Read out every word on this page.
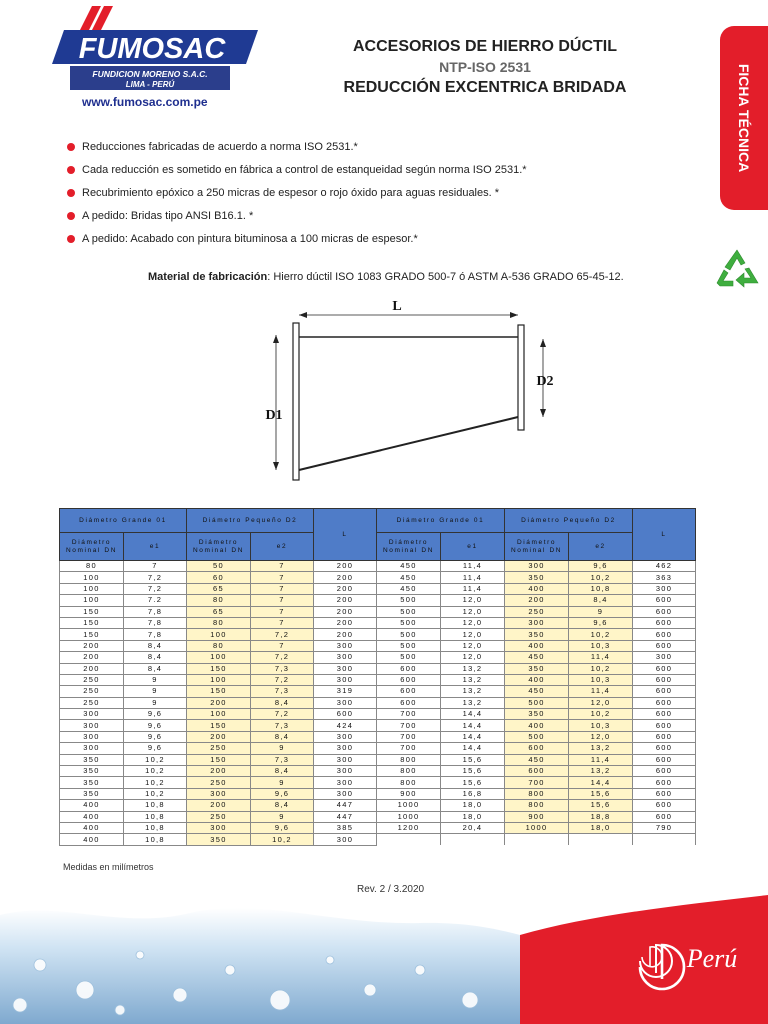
FUMOSAC
FUNDICION MORENO S.A.C.
LIMA - PERÚ
www.fumosac.com.pe
ACCESORIOS DE HIERRO DÚCTIL
NTP-ISO 2531
REDUCCIÓN EXCENTRICA BRIDADA	FICHA TÉCNICA
Reducciones fabricadas de acuerdo a norma ISO 2531.*
Cada reducción es sometido en fábrica a control de estanqueidad según norma ISO 2531.*
Recubrimiento epóxico a 250 micras de espesor o rojo óxido para aguas residuales. *
A pedido: Bridas tipo ANSI B16.1. *
A pedido: Acabado con pintura bituminosa a 100 micras de espesor.*
Material de fabricación: Hierro dúctil ISO 1083 GRADO 500-7 ó ASTM A-536 GRADO 65-45-12.
L
D1
D2
Diámetro Grande 01		Diámetro Pequeño D2		L	Diámetro Grande 01		Diámetro Pequeño D2		L
Diámetro Nominal DN	e1	Diámetro Nominal DN	e2		Diámetro Nominal DN	e1	Diámetro Nominal DN	e2	
80	7	50	7	200	450	11,4	300	9,6	462
100	7,2	60	7	200	450	11,4	350	10,2	363
100	7,2	65	7	200	450	11,4	400	10,8	300
100	7.2	80	7	200	500	12,0	200	8,4	600
150	7,8	65	7	200	500	12,0	250	9	600
150	7,8	80	7	200	500	12,0	300	9,6	600
150	7,8	100	7,2	200	500	12,0	350	10,2	600
200	8,4	80	7	300	500	12,0	400	10,3	600
200	8,4	100	7,2	300	500	12,0	450	11,4	300
200	8,4	150	7,3	300	600	13,2	350	10,2	600
250	9	100	7,2	300	600	13,2	400	10,3	600
250	9	150	7,3	319	600	13,2	450	11,4	600
250	9	200	8,4	300	600	13,2	500	12,0	600
300	9,6	100	7,2	600	700	14,4	350	10,2	600
300	9,6	150	7,3	424	700	14,4	400	10,3	600
300	9,6	200	8,4	300	700	14,4	500	12,0	600
300	9,6	250	9	300	700	14,4	600	13,2	600
350	10,2	150	7,3	300	800	15,6	450	11,4	600
350	10,2	200	8,4	300	800	15,6	600	13,2	600
350	10,2	250	9	300	800	15,6	700	14,4	600
350	10,2	300	9,6	300	900	16,8	800	15,6	600
400	10,8	200	8,4	447	1000	18,0	800	15,6	600
400	10,8	250	9	447	1000	18,0	900	18,8	600
400	10,8	300	9,6	385	1200	20,4	1000	18,0	790
400	10,8	350	10,2	300					
Medidas en milímetros
Rev. 2 / 3.2020
Perú
